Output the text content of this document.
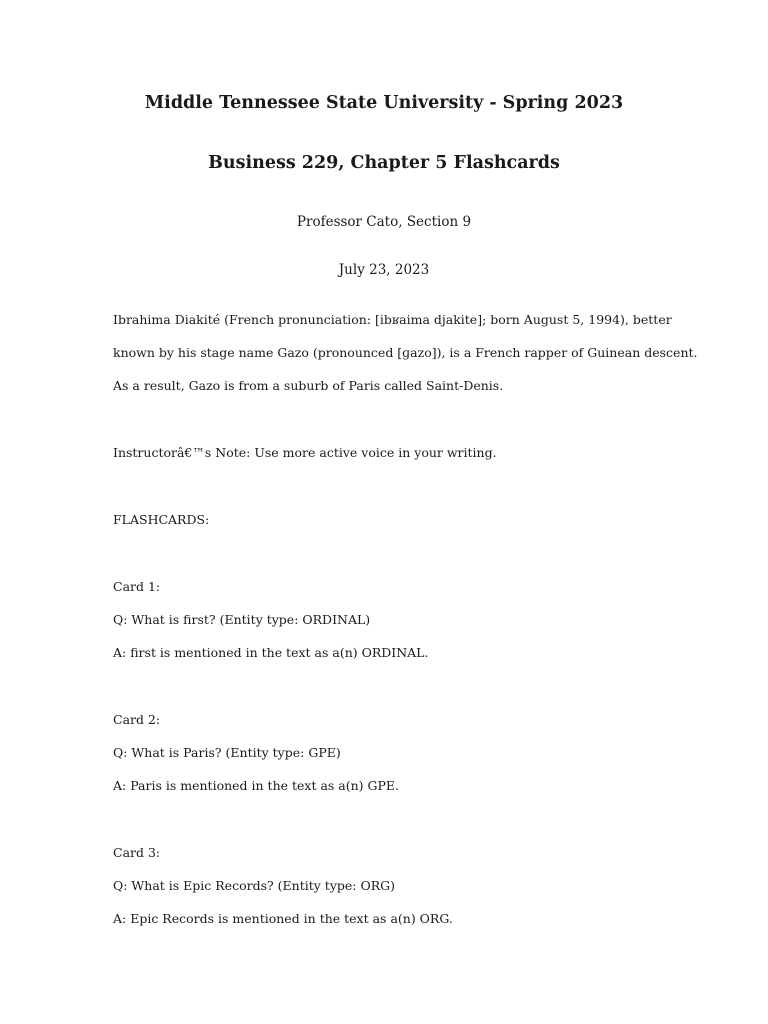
Middle Tennessee State University - Spring 2023
Business 229, Chapter 5 Flashcards
Professor Cato, Section 9
July 23, 2023
Ibrahima Diakité (French pronunciation: [ibʁaima djakite]; born August 5, 1994), better
known by his stage name Gazo (pronounced [ɡazo]), is a French rapper of Guinean descent.
As a result, Gazo is from a suburb of Paris called Saint-Denis.
Instructorâ€™s Note: Use more active voice in your writing.
FLASHCARDS:
Card 1:
Q: What is first? (Entity type: ORDINAL)
A: first is mentioned in the text as a(n) ORDINAL.
Card 2:
Q: What is Paris? (Entity type: GPE)
A: Paris is mentioned in the text as a(n) GPE.
Card 3:
Q: What is Epic Records? (Entity type: ORG)
A: Epic Records is mentioned in the text as a(n) ORG.
